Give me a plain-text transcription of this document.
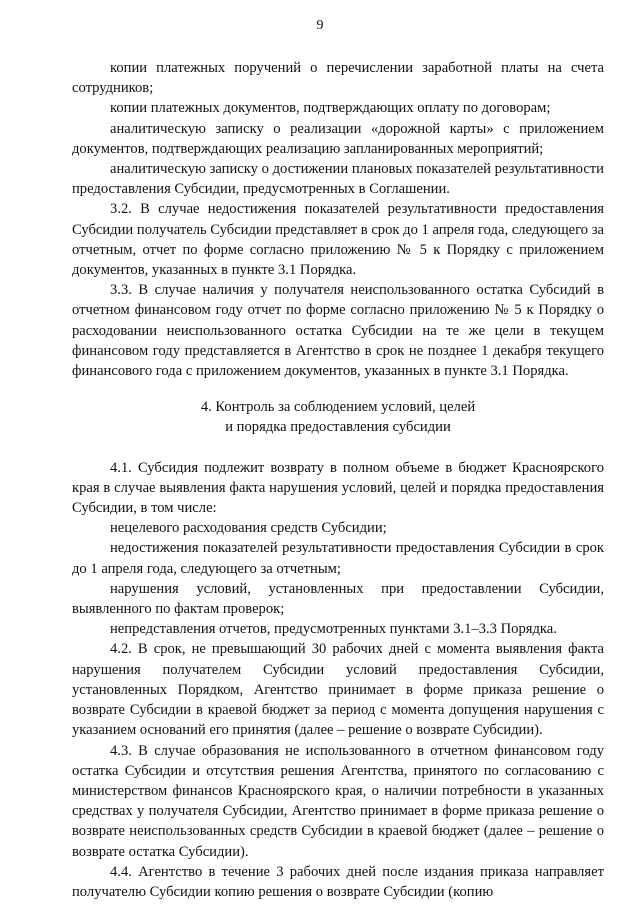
9

копии платежных поручений о перечислении заработной платы на счета сотрудников;

копии платежных документов, подтверждающих оплату по договорам;

аналитическую записку о реализации «дорожной карты» с приложением документов, подтверждающих реализацию запланированных мероприятий;

аналитическую записку о достижении плановых показателей результативности предоставления Субсидии, предусмотренных в Соглашении.

3.2. В случае недостижения показателей результативности предоставления Субсидии получатель Субсидии представляет в срок до 1 апреля года, следующего за отчетным, отчет по форме согласно приложению № 5 к Порядку с приложением документов, указанных в пункте 3.1 Порядка.

3.3. В случае наличия у получателя неиспользованного остатка Субсидий в отчетном финансовом году отчет по форме согласно приложению № 5 к Порядку о расходовании неиспользованного остатка Субсидии на те же цели в текущем финансовом году представляется в Агентство в срок не позднее 1 декабря текущего финансового года с приложением документов, указанных в пункте 3.1 Порядка.

4. Контроль за соблюдением условий, целей
и порядка предоставления субсидии

4.1. Субсидия подлежит возврату в полном объеме в бюджет Красноярского края в случае выявления факта нарушения условий, целей и порядка предоставления Субсидии, в том числе:

нецелевого расходования средств Субсидии;

недостижения показателей результативности предоставления Субсидии в срок до 1 апреля года, следующего за отчетным;

нарушения условий, установленных при предоставлении Субсидии, выявленного по фактам проверок;

непредставления отчетов, предусмотренных пунктами 3.1–3.3 Порядка.

4.2. В срок, не превышающий 30 рабочих дней с момента выявления факта нарушения получателем Субсидии условий предоставления Субсидии, установленных Порядком, Агентство принимает в форме приказа решение о возврате Субсидии в краевой бюджет за период с момента допущения нарушения с указанием оснований его принятия (далее – решение о возврате Субсидии).

4.3. В случае образования не использованного в отчетном финансовом году остатка Субсидии и отсутствия решения Агентства, принятого по согласованию с министерством финансов Красноярского края, о наличии потребности в указанных средствах у получателя Субсидии, Агентство принимает в форме приказа решение о возврате неиспользованных средств Субсидии в краевой бюджет (далее – решение о возврате остатка Субсидии).

4.4. Агентство в течение 3 рабочих дней после издания приказа направляет получателю Субсидии копию решения о возврате Субсидии (копию
